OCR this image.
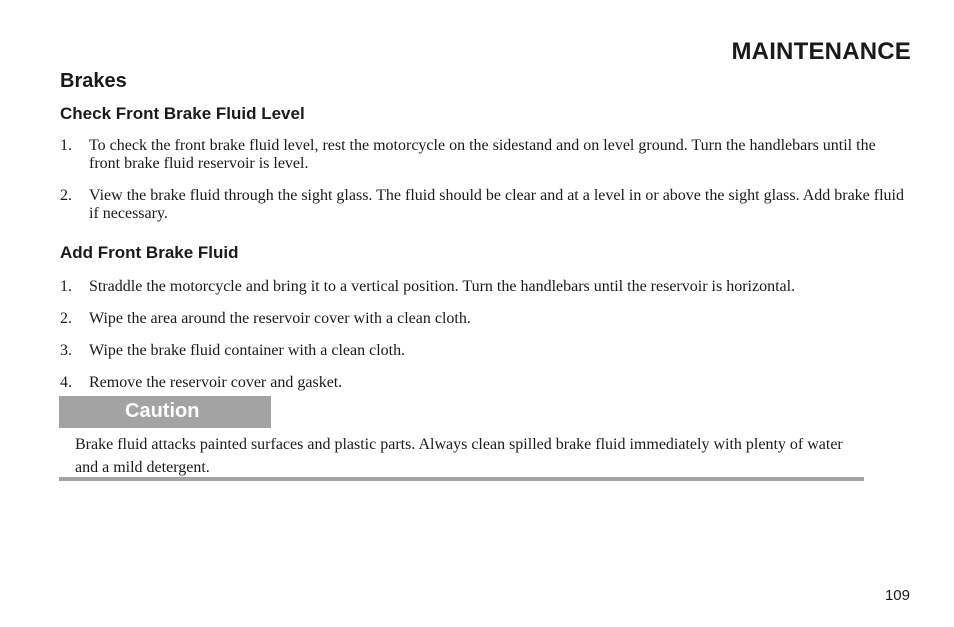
MAINTENANCE
Brakes
Check Front Brake Fluid Level
1. To check the front brake fluid level, rest the motorcycle on the sidestand and on level ground. Turn the handlebars until the front brake fluid reservoir is level.
2. View the brake fluid through the sight glass. The fluid should be clear and at a level in or above the sight glass. Add brake fluid if necessary.
Add Front Brake Fluid
1. Straddle the motorcycle and bring it to a vertical position. Turn the handlebars until the reservoir is horizontal.
2. Wipe the area around the reservoir cover with a clean cloth.
3. Wipe the brake fluid container with a clean cloth.
4. Remove the reservoir cover and gasket.
Caution
Brake fluid attacks painted surfaces and plastic parts. Always clean spilled brake fluid immediately with plenty of water and a mild detergent.
109
